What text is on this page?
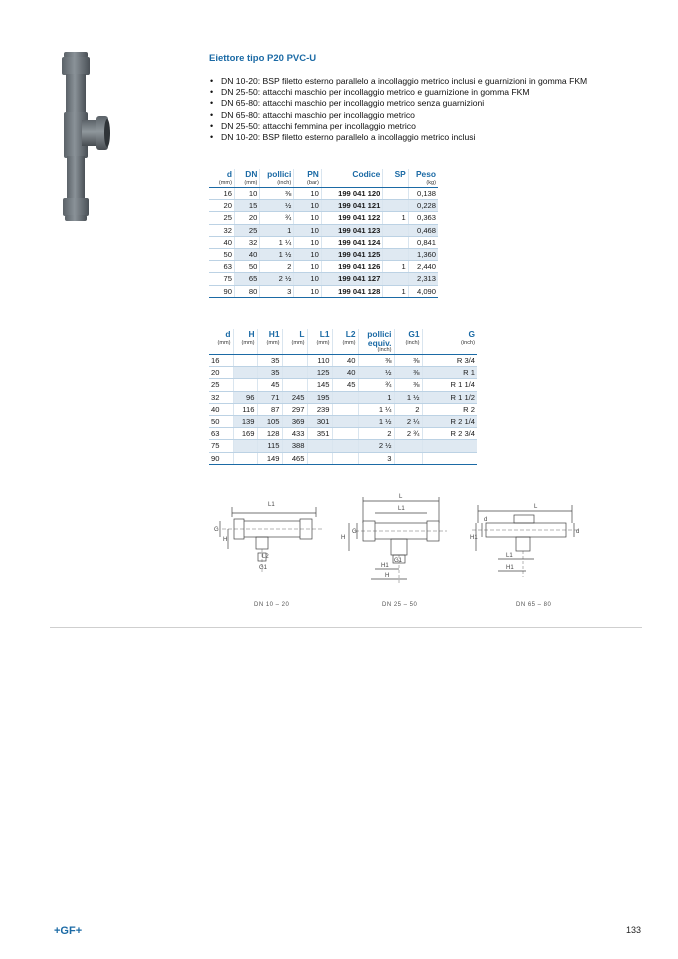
Eiettore tipo P20 PVC-U
• DN 10-20: BSP filetto esterno parallelo a incollaggio metrico inclusi e guarnizioni in gomma FKM
• DN 25-50: attacchi maschio per incollaggio metrico e guarnizione in gomma FKM
• DN 65-80: attacchi maschio per incollaggio metrico senza guarnizioni
• DN 65-80: attacchi maschio per incollaggio metrico
• DN 25-50: attacchi femmina per incollaggio metrico
• DN 10-20: BSP filetto esterno parallelo a incollaggio metrico inclusi
d	DN	pollici	PN	Codice	SP	Peso
(mm)	(mm)	(inch)	(bar)			(kg)
16	10	⅜	10	199 041 120		0,138
20	15	½	10	199 041 121		0,228
25	20	¾	10	199 041 122	1	0,363
32	25	1	10	199 041 123		0,468
40	32	1 ¼	10	199 041 124		0,841
50	40	1 ½	10	199 041 125		1,360
63	50	2	10	199 041 126	1	2,440
75	65	2 ½	10	199 041 127		2,313
90	80	3	10	199 041 128	1	4,090
d	H	H1	L	L1	L2	pollici	G1	G
(mm)	(mm)	(mm)	(mm)	(mm)	(mm)	equiv.	(inch)	(inch)
						(inch)		
16		35		110	40	⅜	⅜	R 3/4
20		35		125	40	½	⅜	R 1
25		45		145	45	¾	⅜	R 1 1/4
32	96	71	245	195		1	1 ½	R 1 1/2
40	116	87	297	239		1 ¼	2	R 2
50	139	105	369	301		1 ½	2 ¼	R 2 1/4
63	169	128	433	351		2	2 ¾	R 2 3/4
75		115	388			2 ½		
90		149	465			3		
L1
L2
G1
G
H
L
L1
G1
H
G
H1
H
L
d
d
H1
L1
H1
DN 10 – 20	DN 25 – 50	DN 65 – 80
+GF+	133
